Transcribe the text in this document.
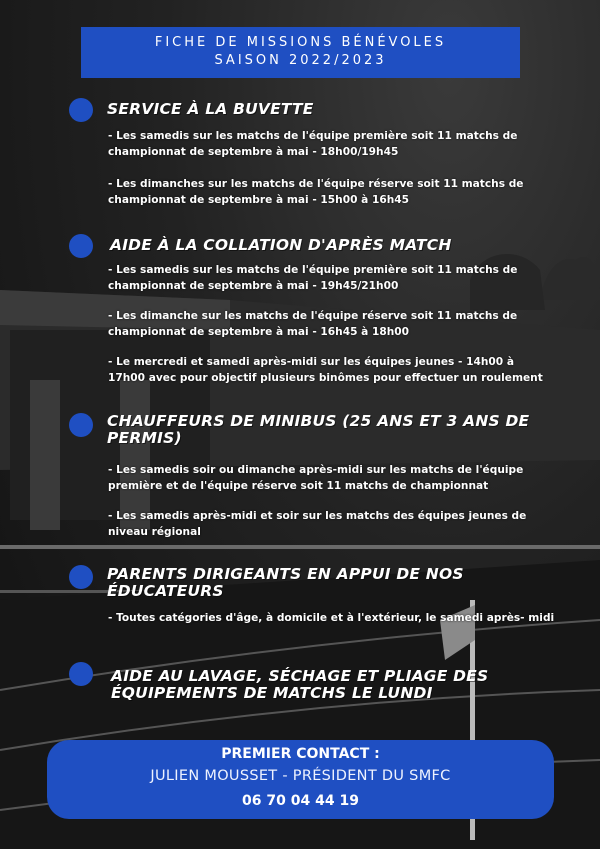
FICHE DE MISSIONS BÉNÉVOLES
SAISON 2022/2023
SERVICE À LA BUVETTE
- Les samedis sur les matchs de l'équipe première soit 11 matchs de championnat de septembre à mai - 18h00/19h45
- Les dimanches sur les matchs de l'équipe réserve soit 11 matchs de championnat de septembre à mai - 15h00 à 16h45
AIDE À LA COLLATION D'APRÈS MATCH
- Les samedis sur les matchs de l'équipe première soit 11 matchs de championnat de septembre à mai - 19h45/21h00
- Les dimanche sur les matchs de l'équipe réserve soit 11 matchs de championnat de septembre à mai - 16h45 à 18h00
- Le mercredi et samedi après-midi sur les équipes jeunes - 14h00 à 17h00 avec pour objectif plusieurs binômes pour effectuer un roulement
CHAUFFEURS DE MINIBUS (25 ANS ET 3 ANS DE PERMIS)
- Les samedis soir ou dimanche après-midi sur les matchs de l'équipe première et de l'équipe réserve soit 11 matchs de championnat
- Les samedis après-midi et soir sur les matchs des équipes jeunes de niveau régional
PARENTS DIRIGEANTS EN APPUI DE NOS ÉDUCATEURS
- Toutes catégories d'âge, à domicile et à l'extérieur, le samedi après- midi
AIDE AU LAVAGE, SÉCHAGE ET PLIAGE DES ÉQUIPEMENTS DE MATCHS LE LUNDI
PREMIER CONTACT :
JULIEN MOUSSET - PRÉSIDENT DU SMFC
06 70 04 44 19
